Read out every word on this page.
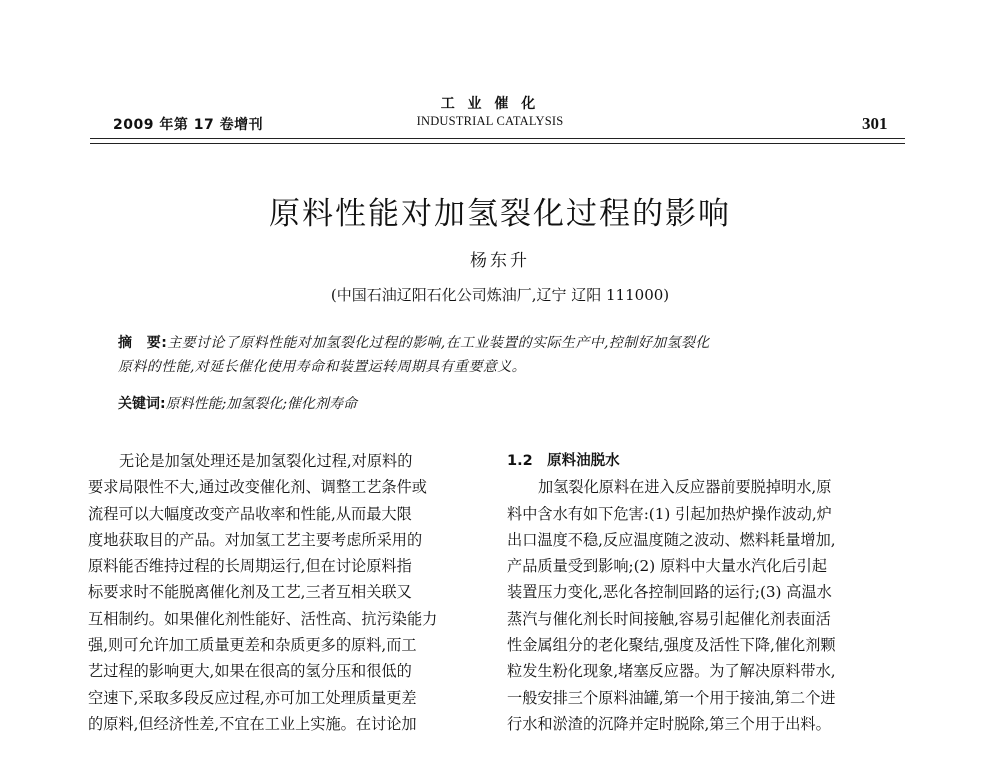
2009 年第 17 卷增刊
工 业 催 化
INDUSTRIAL CATALYSIS	301
原料性能对加氢裂化过程的影响
杨东升
(中国石油辽阳石化公司炼油厂,辽宁 辽阳 111000)
摘　要:主要讨论了原料性能对加氢裂化过程的影响,在工业装置的实际生产中,控制好加氢裂化
原料的性能,对延长催化使用寿命和装置运转周期具有重要意义。
关键词:原料性能;加氢裂化;催化剂寿命
无论是加氢处理还是加氢裂化过程,对原料的
要求局限性不大,通过改变催化剂、调整工艺条件或
流程可以大幅度改变产品收率和性能,从而最大限
度地获取目的产品。对加氢工艺主要考虑所采用的
原料能否维持过程的长周期运行,但在讨论原料指
标要求时不能脱离催化剂及工艺,三者互相关联又
互相制约。如果催化剂性能好、活性高、抗污染能力
强,则可允许加工质量更差和杂质更多的原料,而工
艺过程的影响更大,如果在很高的氢分压和很低的
空速下,采取多段反应过程,亦可加工处理质量更差
的原料,但经济性差,不宜在工业上实施。在讨论加
1.2　原料油脱水
加氢裂化原料在进入反应器前要脱掉明水,原
料中含水有如下危害:(1) 引起加热炉操作波动,炉
出口温度不稳,反应温度随之波动、燃料耗量增加,
产品质量受到影响;(2) 原料中大量水汽化后引起
装置压力变化,恶化各控制回路的运行;(3) 高温水
蒸汽与催化剂长时间接触,容易引起催化剂表面活
性金属组分的老化聚结,强度及活性下降,催化剂颗
粒发生粉化现象,堵塞反应器。为了解决原料带水,
一般安排三个原料油罐,第一个用于接油,第二个进
行水和淤渣的沉降并定时脱除,第三个用于出料。
